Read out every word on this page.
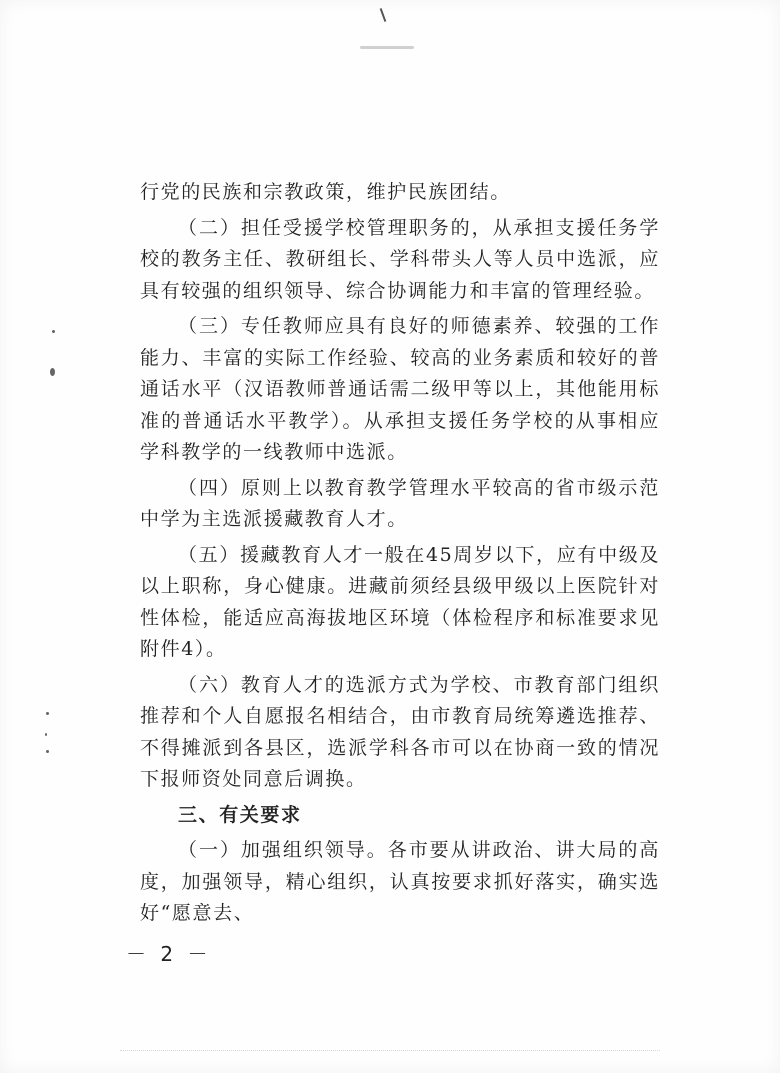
行党的民族和宗教政策，维护民族团结。

（二）担任受援学校管理职务的，从承担支援任务学校的教务主任、教研组长、学科带头人等人员中选派，应具有较强的组织领导、综合协调能力和丰富的管理经验。

（三）专任教师应具有良好的师德素养、较强的工作能力、丰富的实际工作经验、较高的业务素质和较好的普通话水平（汉语教师普通话需二级甲等以上，其他能用标准的普通话水平教学）。从承担支援任务学校的从事相应学科教学的一线教师中选派。

（四）原则上以教育教学管理水平较高的省市级示范中学为主选派援藏教育人才。

（五）援藏教育人才一般在45周岁以下，应有中级及以上职称，身心健康。进藏前须经县级甲级以上医院针对性体检，能适应高海拔地区环境（体检程序和标准要求见附件4）。

（六）教育人才的选派方式为学校、市教育部门组织推荐和个人自愿报名相结合，由市教育局统筹遴选推荐、不得摊派到各县区，选派学科各市可以在协商一致的情况下报师资处同意后调换。

三、有关要求

（一）加强组织领导。各市要从讲政治、讲大局的高度，加强领导，精心组织，认真按要求抓好落实，确实选好“愿意去、

－ 2 －
